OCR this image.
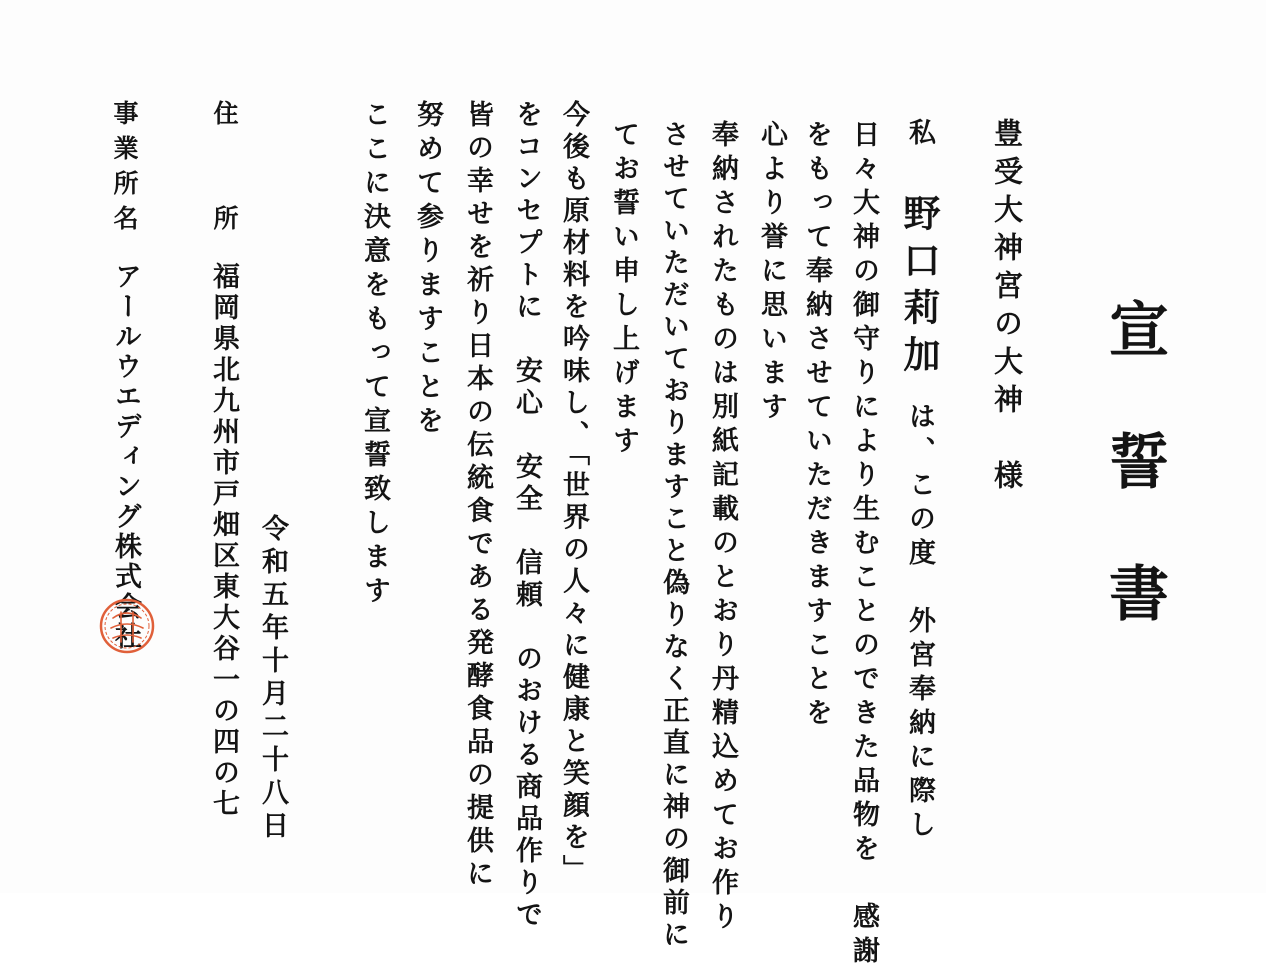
宣誓書
豊受大神宮の大神　様
私野口莉加は、この度　外宮奉納に際し
日々大神の御守りにより生むことのできた品物を　感謝
をもって奉納させていただきますことを
心より誉に思います
奉納されたものは別紙記載のとおり丹精込めてお作り
させていただいておりますこと偽りなく正直に神の御前に
てお誓い申し上げます
今後も原材料を吟味し、「世界の人々に健康と笑顔を」
をコンセプトに　安心　安全　信頼　のおける商品作りで
皆の幸せを祈り日本の伝統食である発酵食品の提供に
努めて参りますことを
ここに決意をもって宣誓致します
令和五年十月二十八日
住　　所
福岡県北九州市戸畑区東大谷一の四の七
事業所名
アールウエディング株式会社
